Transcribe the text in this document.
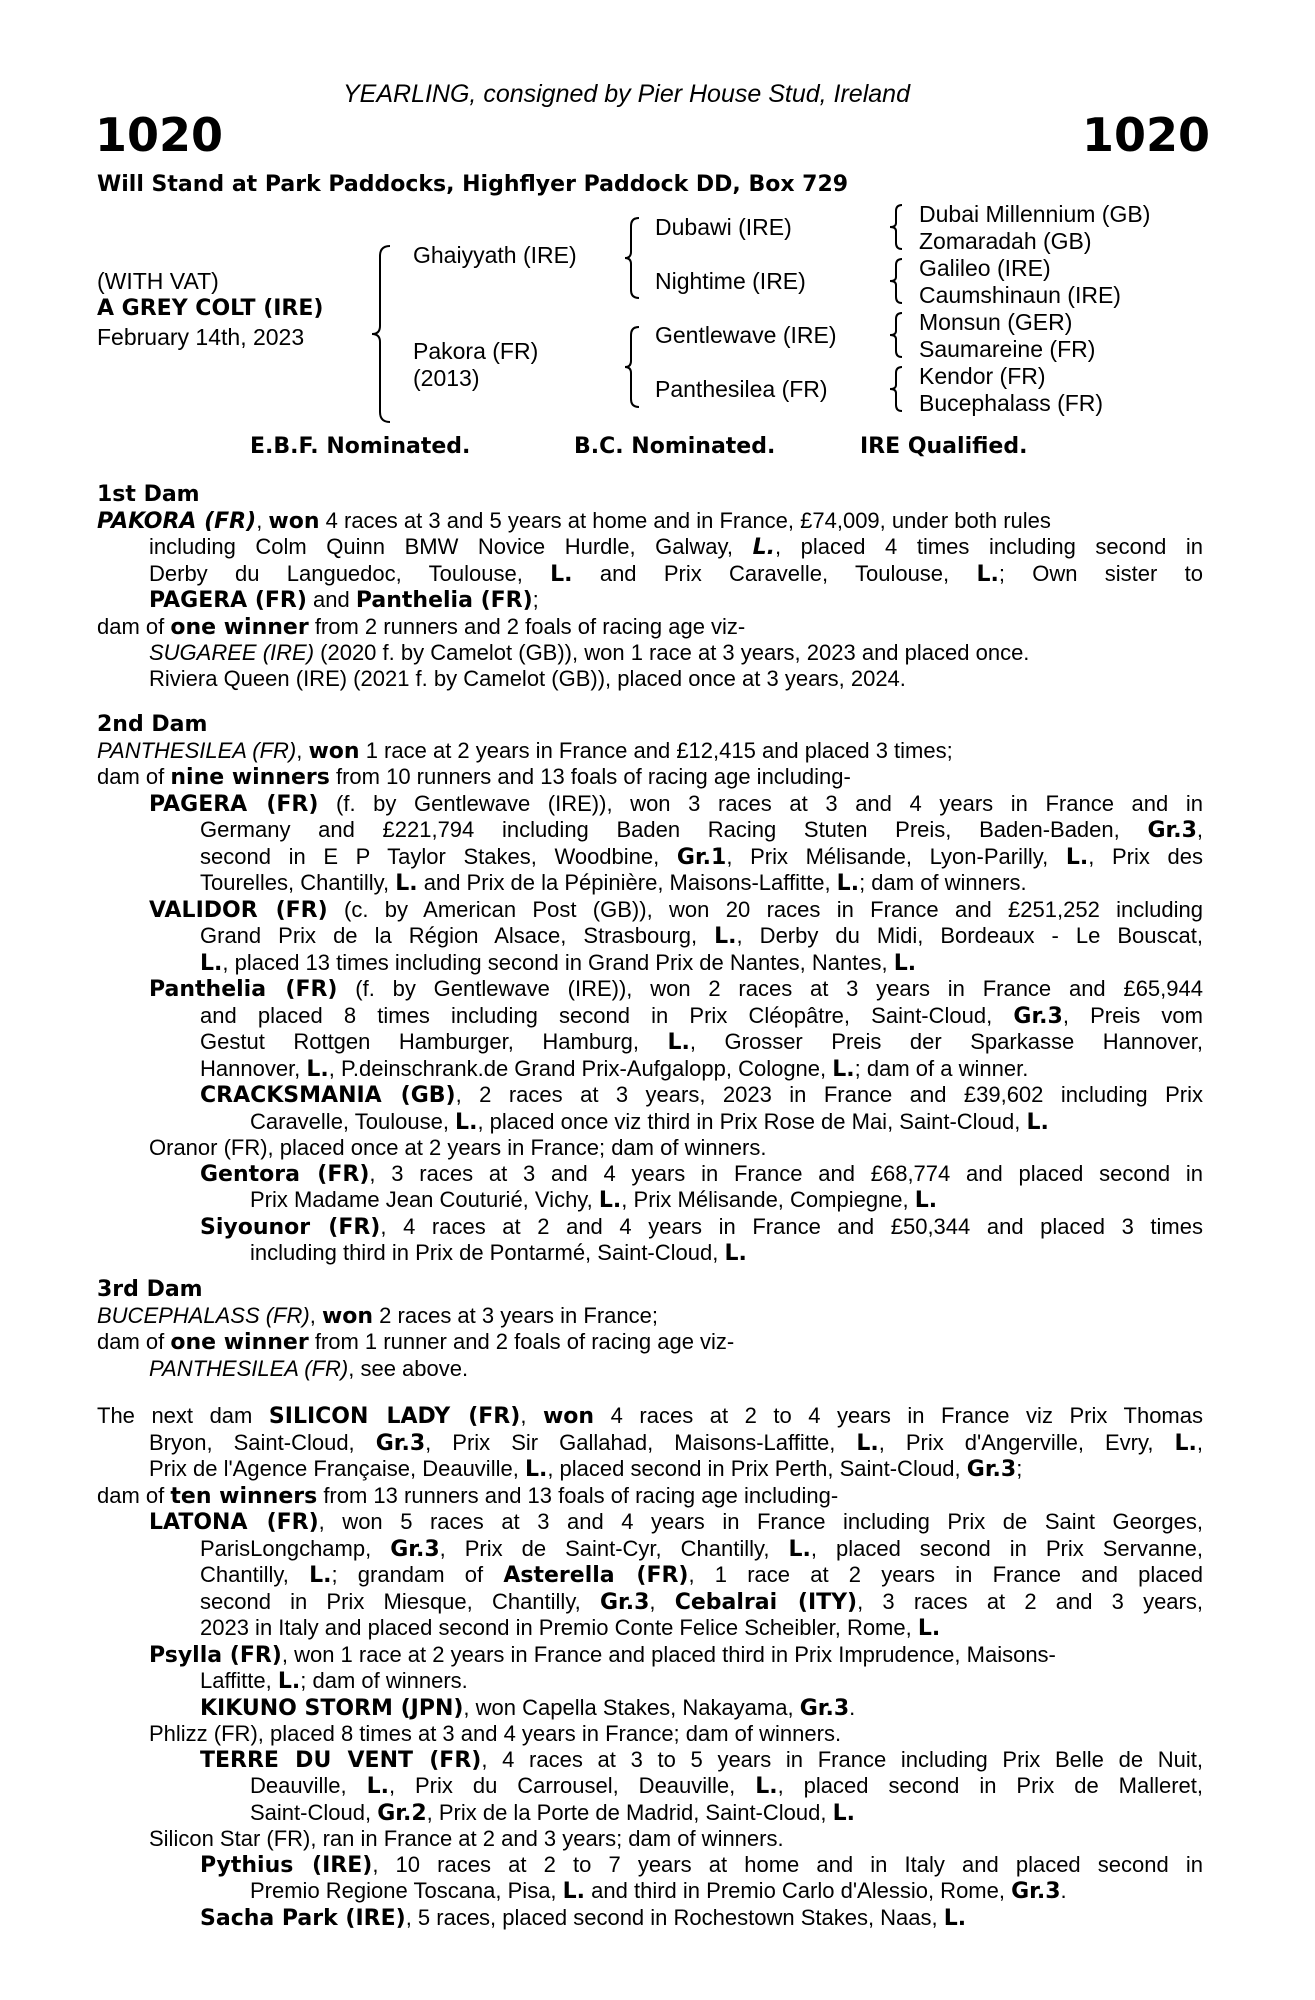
YEARLING, consigned by Pier House Stud, Ireland
1020	1020
Will Stand at Park Paddocks, Highflyer Paddock DD, Box 729
(WITH VAT)
A GREY COLT (IRE)
February 14th, 2023
Ghaiyyath (IRE)
Pakora (FR)
(2013)
Dubawi (IRE)
Nightime (IRE)
Gentlewave (IRE)
Panthesilea (FR)
Dubai Millennium (GB)
Zomaradah (GB)
Galileo (IRE)
Caumshinaun (IRE)
Monsun (GER)
Saumareine (FR)
Kendor (FR)
Bucephalass (FR)
E.B.F. Nominated.	B.C. Nominated.	IRE Qualified.
1st Dam
PAKORA (FR), won 4 races at 3 and 5 years at home and in France, £74,009, under both rules
including Colm Quinn BMW Novice Hurdle, Galway, L., placed 4 times including second in
Derby du Languedoc, Toulouse, L. and Prix Caravelle, Toulouse, L.; Own sister to
PAGERA (FR) and Panthelia (FR);
dam of one winner from 2 runners and 2 foals of racing age viz-
SUGAREE (IRE) (2020 f. by Camelot (GB)), won 1 race at 3 years, 2023 and placed once.
Riviera Queen (IRE) (2021 f. by Camelot (GB)), placed once at 3 years, 2024.
2nd Dam
PANTHESILEA (FR), won 1 race at 2 years in France and £12,415 and placed 3 times;
dam of nine winners from 10 runners and 13 foals of racing age including-
PAGERA (FR) (f. by Gentlewave (IRE)), won 3 races at 3 and 4 years in France and in
Germany and £221,794 including Baden Racing Stuten Preis, Baden-Baden, Gr.3,
second in E P Taylor Stakes, Woodbine, Gr.1, Prix Mélisande, Lyon-Parilly, L., Prix des
Tourelles, Chantilly, L. and Prix de la Pépinière, Maisons-Laffitte, L.; dam of winners.
VALIDOR (FR) (c. by American Post (GB)), won 20 races in France and £251,252 including
Grand Prix de la Région Alsace, Strasbourg, L., Derby du Midi, Bordeaux - Le Bouscat,
L., placed 13 times including second in Grand Prix de Nantes, Nantes, L.
Panthelia (FR) (f. by Gentlewave (IRE)), won 2 races at 3 years in France and £65,944
and placed 8 times including second in Prix Cléopâtre, Saint-Cloud, Gr.3, Preis vom
Gestut Rottgen Hamburger, Hamburg, L., Grosser Preis der Sparkasse Hannover,
Hannover, L., P.deinschrank.de Grand Prix-Aufgalopp, Cologne, L.; dam of a winner.
CRACKSMANIA (GB), 2 races at 3 years, 2023 in France and £39,602 including Prix
Caravelle, Toulouse, L., placed once viz third in Prix Rose de Mai, Saint-Cloud, L.
Oranor (FR), placed once at 2 years in France; dam of winners.
Gentora (FR), 3 races at 3 and 4 years in France and £68,774 and placed second in
Prix Madame Jean Couturié, Vichy, L., Prix Mélisande, Compiegne, L.
Siyounor (FR), 4 races at 2 and 4 years in France and £50,344 and placed 3 times
including third in Prix de Pontarmé, Saint-Cloud, L.
3rd Dam
BUCEPHALASS (FR), won 2 races at 3 years in France;
dam of one winner from 1 runner and 2 foals of racing age viz-
PANTHESILEA (FR), see above.
The next dam SILICON LADY (FR), won 4 races at 2 to 4 years in France viz Prix Thomas
Bryon, Saint-Cloud, Gr.3, Prix Sir Gallahad, Maisons-Laffitte, L., Prix d'Angerville, Evry, L.,
Prix de l'Agence Française, Deauville, L., placed second in Prix Perth, Saint-Cloud, Gr.3;
dam of ten winners from 13 runners and 13 foals of racing age including-
LATONA (FR), won 5 races at 3 and 4 years in France including Prix de Saint Georges,
ParisLongchamp, Gr.3, Prix de Saint-Cyr, Chantilly, L., placed second in Prix Servanne,
Chantilly, L.; grandam of Asterella (FR), 1 race at 2 years in France and placed
second in Prix Miesque, Chantilly, Gr.3, Cebalrai (ITY), 3 races at 2 and 3 years,
2023 in Italy and placed second in Premio Conte Felice Scheibler, Rome, L.
Psylla (FR), won 1 race at 2 years in France and placed third in Prix Imprudence, Maisons-
Laffitte, L.; dam of winners.
KIKUNO STORM (JPN), won Capella Stakes, Nakayama, Gr.3.
Phlizz (FR), placed 8 times at 3 and 4 years in France; dam of winners.
TERRE DU VENT (FR), 4 races at 3 to 5 years in France including Prix Belle de Nuit,
Deauville, L., Prix du Carrousel, Deauville, L., placed second in Prix de Malleret,
Saint-Cloud, Gr.2, Prix de la Porte de Madrid, Saint-Cloud, L.
Silicon Star (FR), ran in France at 2 and 3 years; dam of winners.
Pythius (IRE), 10 races at 2 to 7 years at home and in Italy and placed second in
Premio Regione Toscana, Pisa, L. and third in Premio Carlo d'Alessio, Rome, Gr.3.
Sacha Park (IRE), 5 races, placed second in Rochestown Stakes, Naas, L.
